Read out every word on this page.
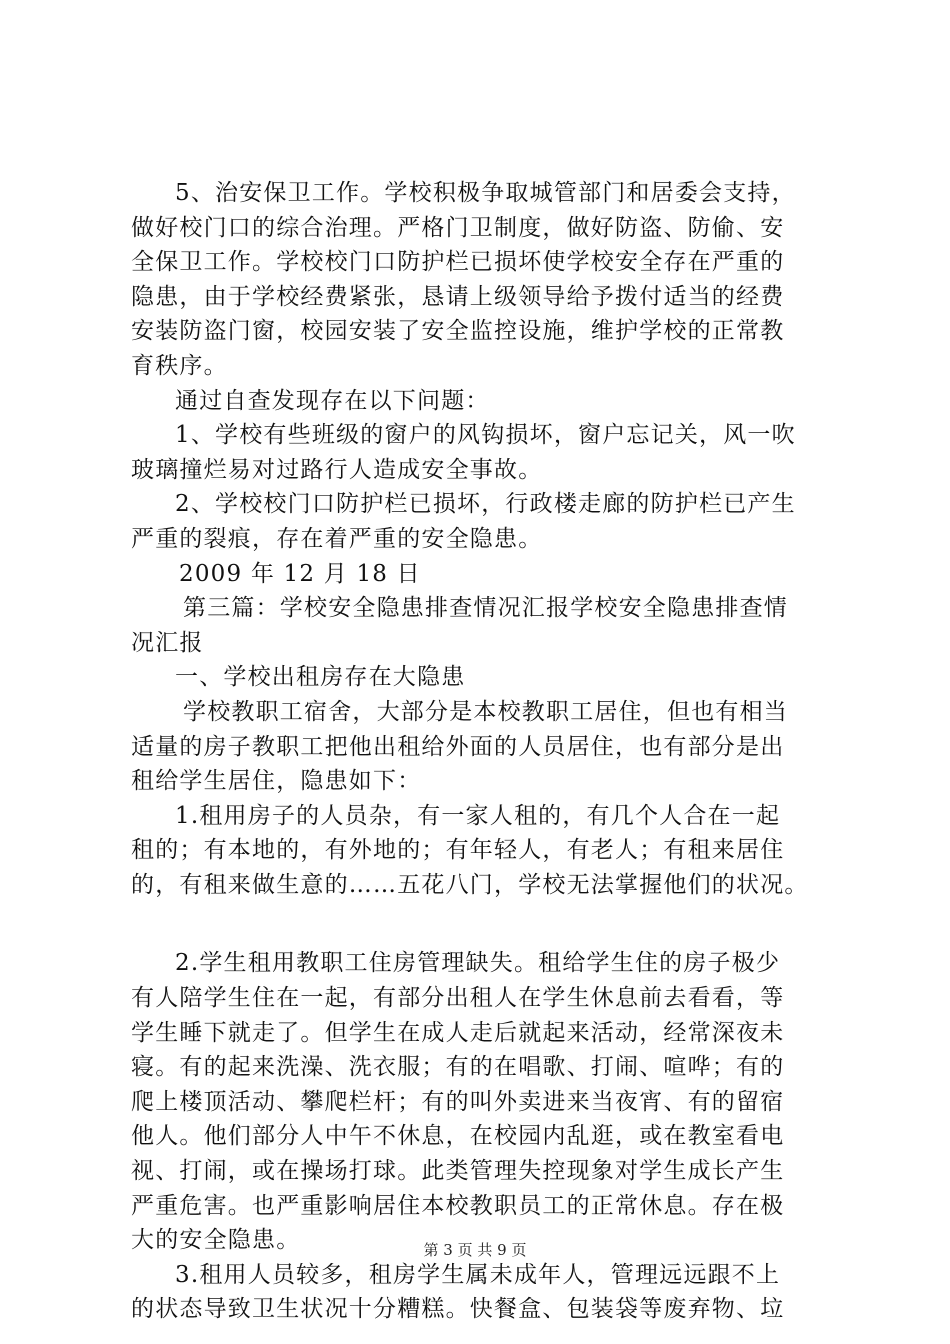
5、治安保卫工作。学校积极争取城管部门和居委会支持，
做好校门口的综合治理。严格门卫制度，做好防盗、防偷、安
全保卫工作。学校校门口防护栏已损坏使学校安全存在严重的
隐患，由于学校经费紧张，恳请上级领导给予拨付适当的经费
安装防盗门窗，校园安装了安全监控设施，维护学校的正常教
育秩序。
通过自查发现存在以下问题：
1、学校有些班级的窗户的风钩损坏，窗户忘记关，风一吹
玻璃撞烂易对过路行人造成安全事故。
2、学校校门口防护栏已损坏，行政楼走廊的防护栏已产生
严重的裂痕，存在着严重的安全隐患。
2009 年 12 月 18 日
第三篇：学校安全隐患排查情况汇报学校安全隐患排查情
况汇报
一、学校出租房存在大隐患
学校教职工宿舍，大部分是本校教职工居住，但也有相当
适量的房子教职工把他出租给外面的人员居住，也有部分是出
租给学生居住，隐患如下：
1.租用房子的人员杂，有一家人租的，有几个人合在一起
租的；有本地的，有外地的；有年轻人，有老人；有租来居住
的，有租来做生意的……五花八门，学校无法掌握他们的状况。
2.学生租用教职工住房管理缺失。租给学生住的房子极少
有人陪学生住在一起，有部分出租人在学生休息前去看看，等
学生睡下就走了。但学生在成人走后就起来活动，经常深夜未
寝。有的起来洗澡、洗衣服；有的在唱歌、打闹、喧哗；有的
爬上楼顶活动、攀爬栏杆；有的叫外卖进来当夜宵、有的留宿
他人。他们部分人中午不休息，在校园内乱逛，或在教室看电
视、打闹，或在操场打球。此类管理失控现象对学生成长产生
严重危害。也严重影响居住本校教职员工的正常休息。存在极
大的安全隐患。
3.租用人员较多，租房学生属未成年人，管理远远跟不上
的状态导致卫生状况十分糟糕。快餐盒、包装袋等废弃物、垃
第 3 页 共 9 页
